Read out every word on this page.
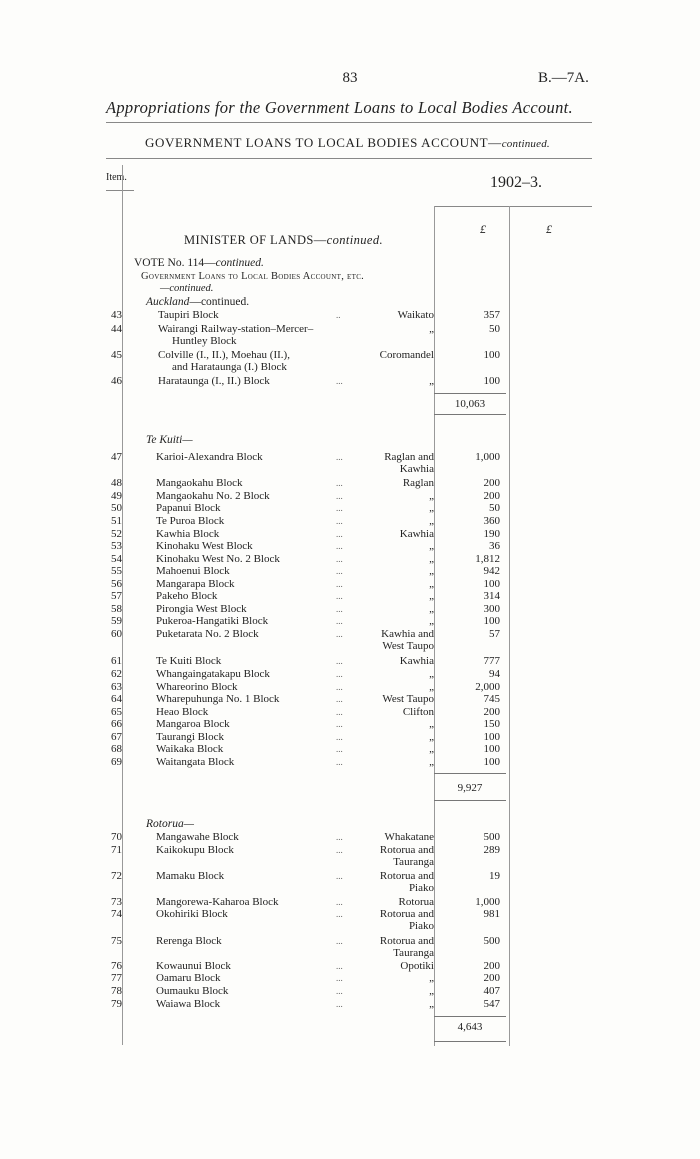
83	B.—7A.
Appropriations for the Government Loans to Local Bodies Account.
GOVERNMENT LOANS TO LOCAL BODIES ACCOUNT—continued.
Item.	1902–3.
£	£
MINISTER OF LANDS—continued.
VOTE No. 114—continued.
Government Loans to Local Bodies Account, etc.
—continued.
Auckland—continued.
Te Kuiti—
Rotorua—
43	Taupiri Block	..	Waikato	357
44	Wairangi Railway-station–Mercer–	„	50
Huntley Block
45	Colville (I., II.), Moehau (II.),	Coromandel	100
and Harataunga (I.) Block
46	Harataunga (I., II.) Block	...	„	100
47	Karioi-Alexandra Block	...	Raglan and	1,000
Kawhia
48	Mangaokahu Block	...	Raglan	200
49	Mangaokahu No. 2 Block	...	„	200
50	Papanui Block	...	„	50
51	Te Puroa Block	...	„	360
52	Kawhia Block	...	Kawhia	190
53	Kinohaku West Block	...	„	36
54	Kinohaku West No. 2 Block	...	„	1,812
55	Mahoenui Block	...	„	942
56	Mangarapa Block	...	„	100
57	Pakeho Block	...	„	314
58	Pirongia West Block	...	„	300
59	Pukeroa-Hangatiki Block	...	„	100
60	Puketarata No. 2 Block	...	Kawhia and	57
West Taupo
61	Te Kuiti Block	...	Kawhia	777
62	Whangaingatakapu Block	...	„	94
63	Whareorino Block	...	„	2,000
64	Wharepuhunga No. 1 Block	...	West Taupo	745
65	Heao Block	...	Clifton	200
66	Mangaroa Block	...	„	150
67	Taurangi Block	...	„	100
68	Waikaka Block	...	„	100
69	Waitangata Block	...	„	100
70	Mangawahe Block	...	Whakatane	500
71	Kaikokupu Block	...	Rotorua and	289
Tauranga
72	Mamaku Block	...	Rotorua and	19
Piako
73	Mangorewa-Kaharoa Block	...	Rotorua	1,000
74	Okohiriki Block	...	Rotorua and	981
Piako
75	Rerenga Block	...	Rotorua and	500
Tauranga
76	Kowaunui Block	...	Opotiki	200
77	Oamaru Block	...	„	200
78	Oumauku Block	...	„	407
79	Waiawa Block	...	„	547
10,063
9,927
4,643
